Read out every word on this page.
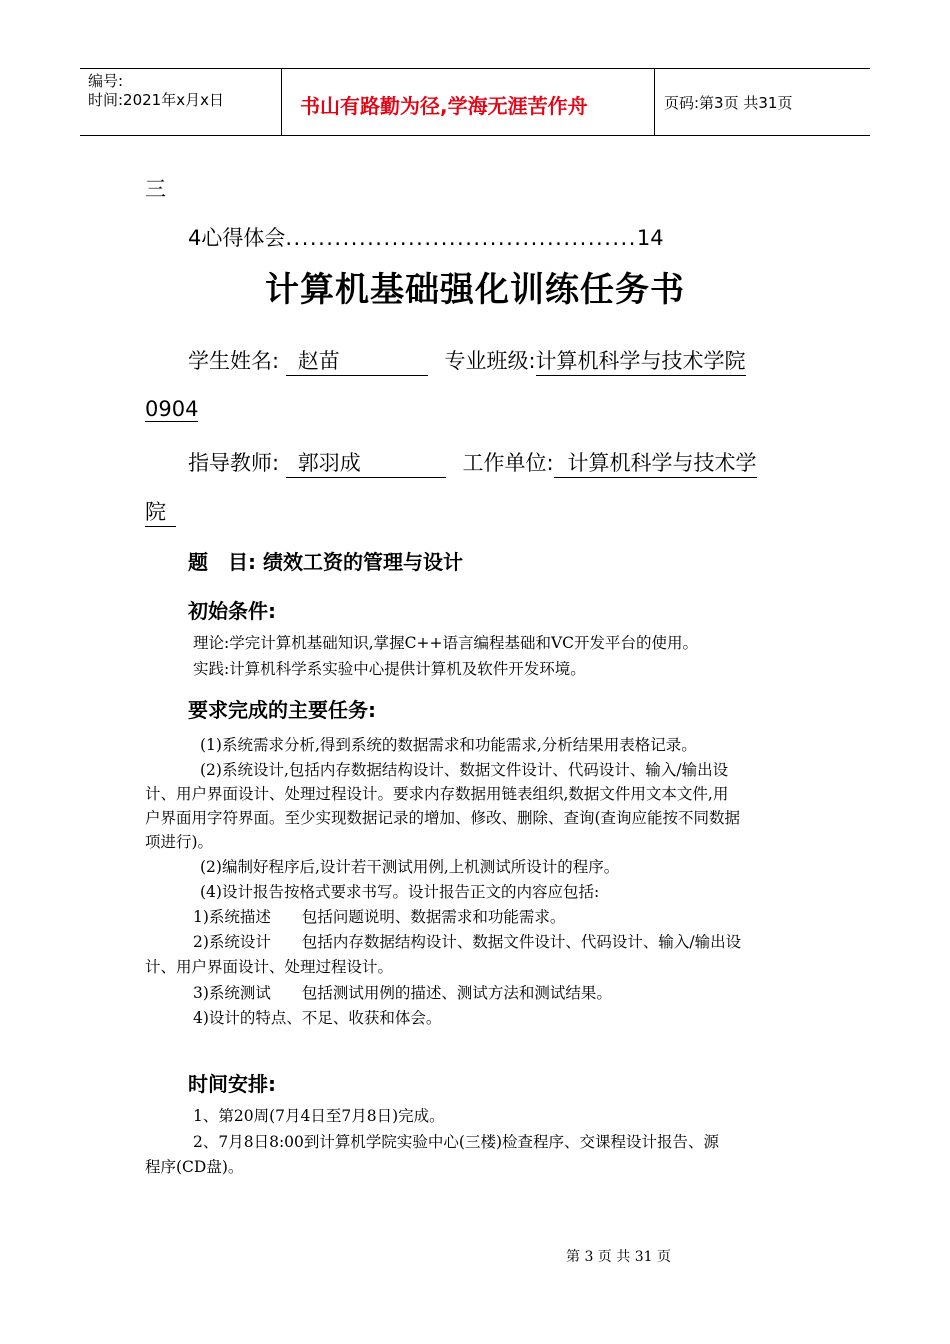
编号:
时间:2021年x月x日	书山有路勤为径,学海无涯苦作舟	页码:第3页 共31页
三
4心得体会...........................................14
计算机基础强化训练任务书
学生姓名: 赵苗	专业班级:计算机科学与技术学院
0904
指导教师: 郭羽成	工作单位: 计算机科学与技术学
院
题　目: 绩效工资的管理与设计
初始条件:
理论:学完计算机基础知识,掌握C++语言编程基础和VC开发平台的使用。
实践:计算机科学系实验中心提供计算机及软件开发环境。
要求完成的主要任务:
(1)系统需求分析,得到系统的数据需求和功能需求,分析结果用表格记录。
(2)系统设计,包括内存数据结构设计、数据文件设计、代码设计、输入/输出设
计、用户界面设计、处理过程设计。要求内存数据用链表组织,数据文件用文本文件,用
户界面用字符界面。至少实现数据记录的增加、修改、删除、查询(查询应能按不同数据
项进行)。
(2)编制好程序后,设计若干测试用例,上机测试所设计的程序。
(4)设计报告按格式要求书写。设计报告正文的内容应包括:
1)系统描述　　包括问题说明、数据需求和功能需求。
2)系统设计　　包括内存数据结构设计、数据文件设计、代码设计、输入/输出设
计、用户界面设计、处理过程设计。
3)系统测试　　包括测试用例的描述、测试方法和测试结果。
4)设计的特点、不足、收获和体会。
时间安排:
1、第20周(7月4日至7月8日)完成。
2、7月8日8:00到计算机学院实验中心(三楼)检查程序、交课程设计报告、源
程序(CD盘)。
第 3 页 共 31 页
